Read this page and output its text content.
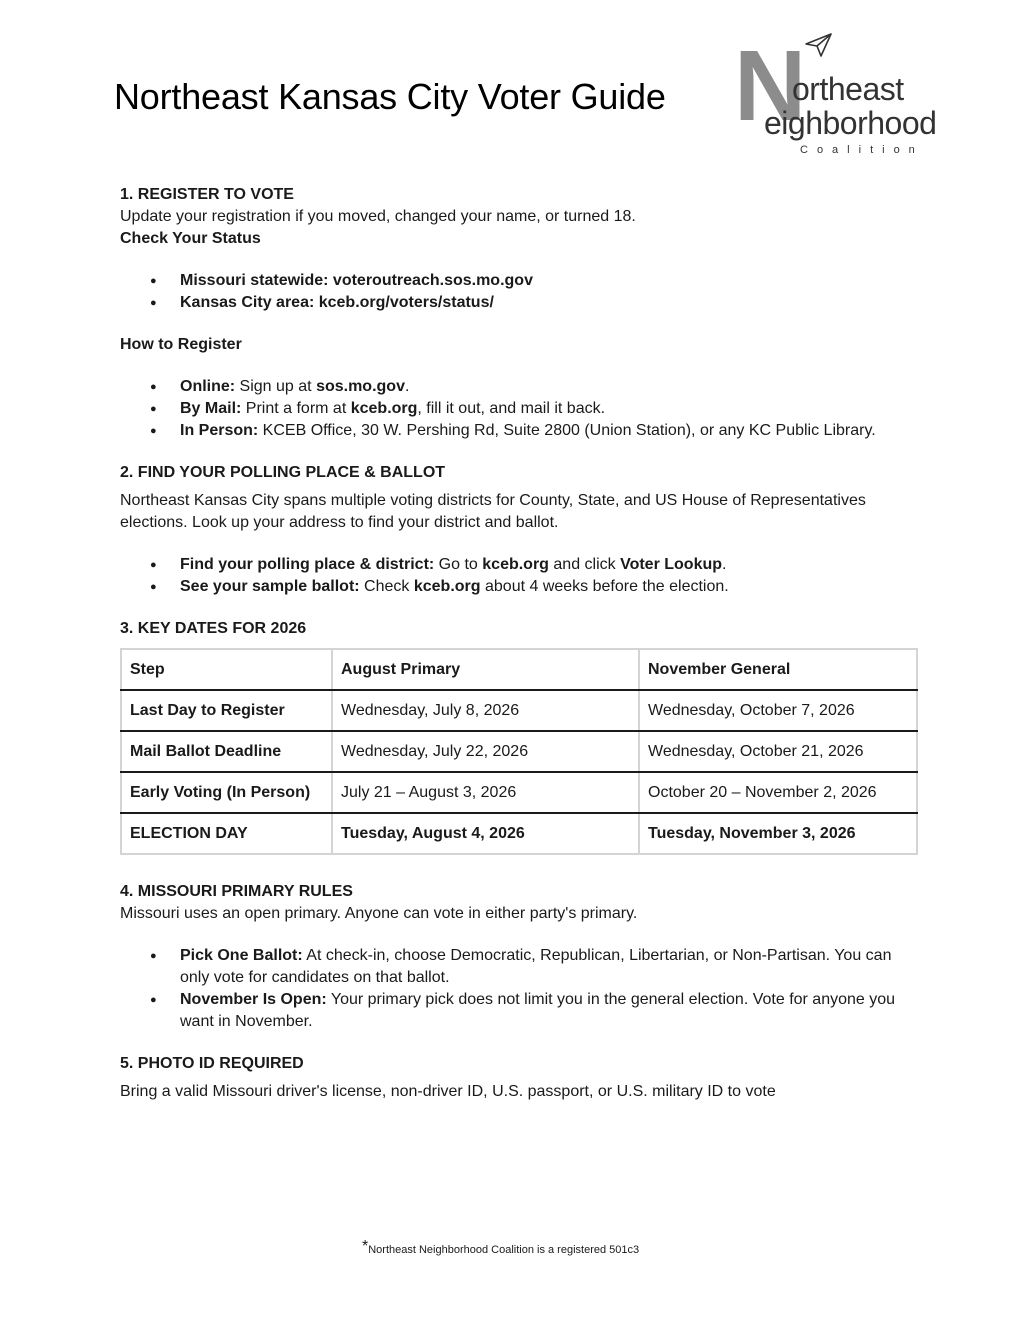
Northeast Kansas City Voter Guide N
ortheast
eighborhood
Coalition
1. REGISTER TO VOTE

Update your registration if you moved, changed your name, or turned 18.

Check Your Status
● Missouri statewide: voteroutreach.sos.mo.gov
● Kansas City area: kceb.org/voters/status/
How to Register
● Online: Sign up at sos.mo.gov.
● By Mail: Print a form at kceb.org, fill it out, and mail it back.
● In Person: KCEB Office, 30 W. Pershing Rd, Suite 2800 (Union Station), or any KC Public Library.
2. FIND YOUR POLLING PLACE & BALLOT

Northeast Kansas City spans multiple voting districts for County, State, and US House of Representatives elections. Look up your address to find your district and ballot.

● Find your polling place & district: Go to kceb.org and click Voter Lookup.
● See your sample ballot: Check kceb.org about 4 weeks before the election.
3. KEY DATES FOR 2026
Step	August Primary	November General
Last Day to Register	Wednesday, July 8, 2026	Wednesday, October 7, 2026
Mail Ballot Deadline	Wednesday, July 22, 2026	Wednesday, October 21, 2026
Early Voting (In Person)	July 21 – August 3, 2026	October 20 – November 2, 2026
ELECTION DAY	Tuesday, August 4, 2026	Tuesday, November 3, 2026
4. MISSOURI PRIMARY RULES

Missouri uses an open primary. Anyone can vote in either party's primary.

● Pick One Ballot: At check-in, choose Democratic, Republican, Libertarian, or Non-Partisan. You can only vote for candidates on that ballot.
● November Is Open: Your primary pick does not limit you in the general election. Vote for anyone you want in November.
5. PHOTO ID REQUIRED

Bring a valid Missouri driver's license, non-driver ID, U.S. passport, or U.S. military ID to vote

*Northeast Neighborhood Coalition is a registered 501c3
